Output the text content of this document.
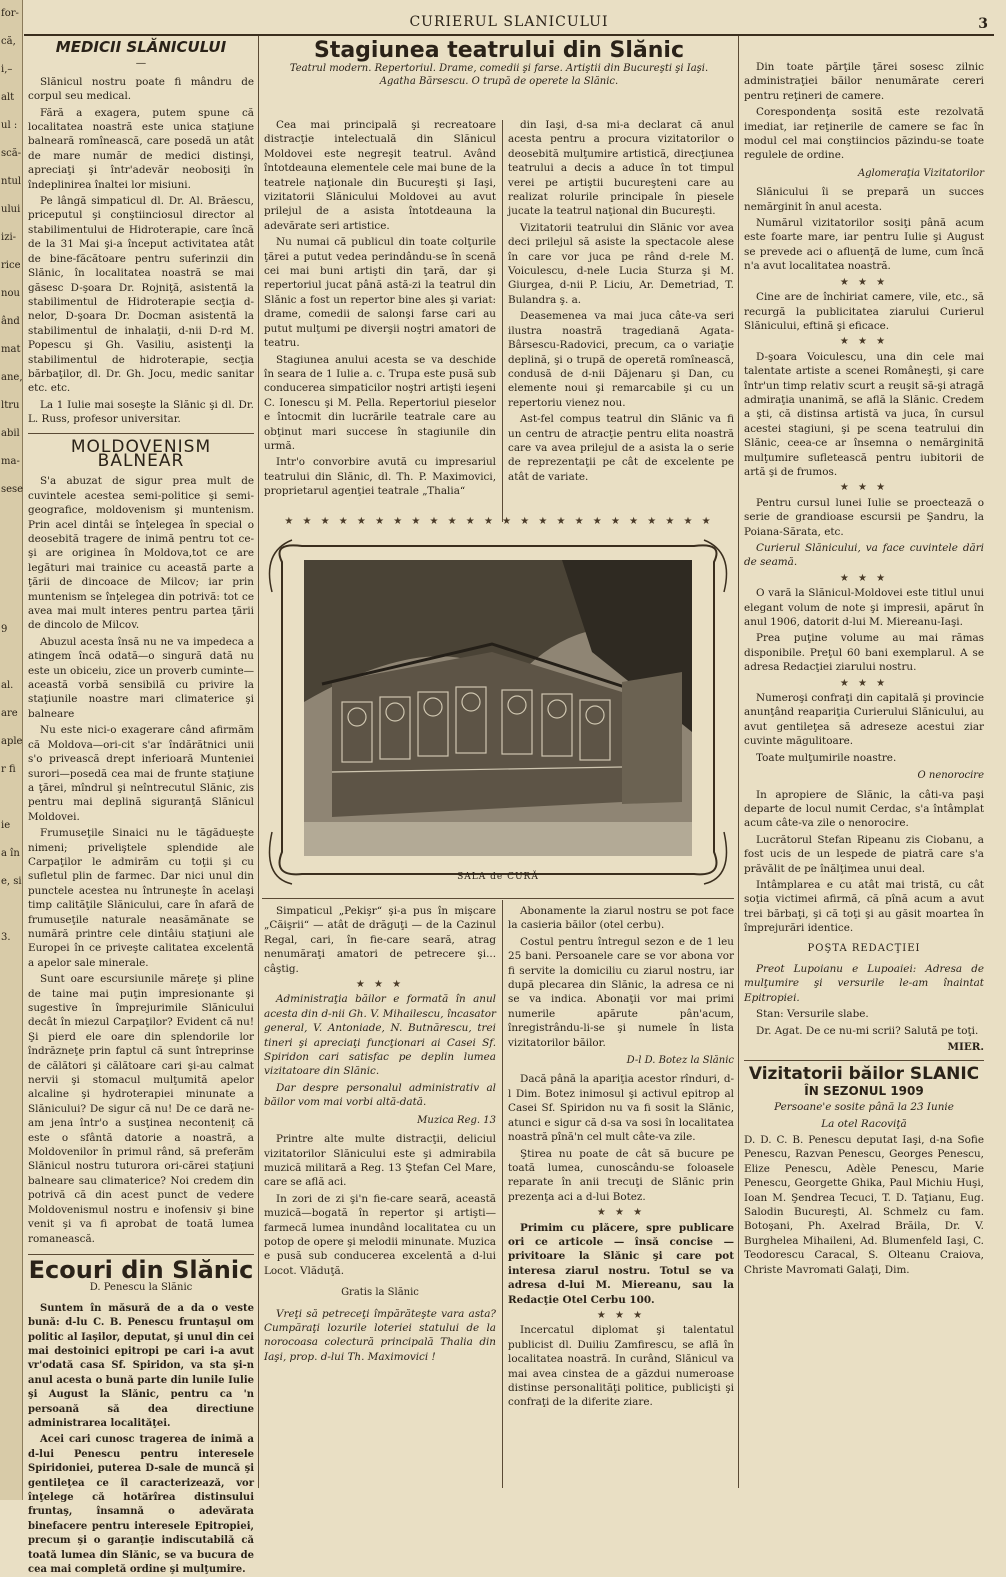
for-
că,
i,–
alt
ul :
scă-
ntul
ului
izi-
rice
nou
ând
mat
ane,
ltru
abil
ma-
sese
9
al.
are
aple
r fi
ie
a în
e, si
3.
CURIERUL SLANICULUI	3
MEDICII SLĂNICULUI
—

Slănicul nostru poate fi mândru de corpul seu medical.

Fără a exagera, putem spune că localitatea noastră este unica staţiune balneară romînească, care posedă un atât de mare număr de medici distinşi, apreciaţi şi într'adevăr neobosiţi în îndeplinirea înaltei lor misiuni.

Pe lângă simpaticul dl. Dr. Al. Brăescu, priceputul şi conştiinciosul director al stabilimentului de Hidroterapie, care încă de la 31 Mai şi-a început activitatea atât de bine-făcătoare pentru suferinzii din Slănic, în localitatea noastră se mai găsesc D-şoara Dr. Rojniţă, asistentă la stabilimentul de Hidroterapie secţia d-nelor, D-şoara Dr. Docman asistentă la stabilimentul de inhalaţii, d-nii D-rd M. Popescu şi Gh. Vasiliu, asistenţi la stabilimentul de hidroterapie, secţia bărbaţilor, dl. Dr. Gh. Jocu, medic sanitar etc. etc.

La 1 Iulie mai soseşte la Slănic şi dl. Dr. L. Russ, profesor universitar.

MOLDOVENISM BALNEAR

S'a abuzat de sigur prea mult de cuvintele acestea semi-politice şi semi-geografice, moldovenism şi muntenism. Prin acel dintâi se înţelegea în special o deosebită tragere de inimă pentru tot ce-şi are originea în Moldova,tot ce are legături mai trainice cu această parte a ţării de dincoace de Milcov; iar prin muntenism se înţelegea din potrivă: tot ce avea mai mult interes pentru partea ţării de dincolo de Milcov.

Abuzul acesta însă nu ne va impedeca a atingem încă odată—o singură dată nu este un obiceiu, zice un proverb cuminte—această vorbă sensibilă cu privire la staţiunile noastre mari climaterice şi balneare

Nu este nici-o exagerare când afirmăm că Moldova—ori-cit s'ar îndărătnici unii s'o privească drept inferioară Munteniei surori—posedă cea mai de frunte staţiune a ţărei, mîndrul şi neîntrecutul Slănic, zis pentru mai deplină siguranţă Slănicul Moldovei.

Frumuseţile Sinaici nu le tăgăduește nimeni; priveliştele splendide ale Carpaţilor le admirăm cu toţii şi cu sufletul plin de farmec. Dar nici unul din punctele acestea nu întruneşte în acelaşi timp calităţile Slănicului, care în afară de frumuseţile naturale neasămănate se numără printre cele dintâiu staţiuni ale Europei în ce priveşte calitatea excelentă a apelor sale minerale.

Sunt oare escursiunile măreţe şi pline de taine mai puţin impresionante şi sugestive în împrejurimile Slănicului decât în miezul Carpaţilor? Evident că nu! Şi pierd ele oare din splendorile lor îndrăzneţe prin faptul că sunt întreprinse de călători şi călătoare cari şi-au calmat nervii şi stomacul mulţumită apelor alcaline şi hydroterapiei minunate a Slănicului? De sigur că nu! De ce dară ne-am jena într'o a susţinea neconteniț că este o sfântă datorie a noastră, a Moldovenilor în primul rând, să preferăm Slănicul nostru tuturora ori-cărei staţiuni balneare sau climaterice? Noi credem din potrivă că din acest punct de vedere Moldovenismul nostru e inofensiv şi bine venit şi va fi aprobat de toată lumea romanească.

Ecouri din Slănic
D. Penescu la Slănic

Suntem în măsură de a da o veste bună: d-lu C. B. Penescu fruntaşul om politic al Iaşilor, deputat, şi unul din cei mai destoinici epitropi pe cari i-a avut vr'odată casa Sf. Spiridon, va sta şi-n anul acesta o bună parte din lunile Iulie şi August la Slănic, pentru ca 'n persoană să dea directiune administrarea localităţei.

Acei cari cunosc tragerea de inimă a d-lui Penescu pentru interesele Spiridoniei, puterea D-sale de muncă şi gentileţea ce îl caracterizează, vor înţelege că hotărîrea distinsului fruntaş, însamnă o adevărata binefacere pentru interesele Epitropiei, precum şi o garanţie indiscutabilă că toată lumea din Slănic, se va bucura de cea mai completă ordine şi mulţumire.

Stagiunea teatrului din Slănic
Teatrul modern. Repertoriul. Drame, comedii şi farse. Artiştii din Bucureşti şi Iaşi. Agatha Bărsescu. O trupă de operete la Slănic.

Cea mai principală şi recreatoare distracţie intelectuală din Slănicul Moldovei este negreşit teatrul. Având întotdeauna elementele cele mai bune de la teatrele naţionale din Bucureşti şi Iaşi, vizitatorii Slănicului Moldovei au avut prilejul de a asista întotdeauna la adevărate seri artistice.

Nu numai că publicul din toate colţurile ţărei a putut vedea perindându-se în scenă cei mai buni artişti din ţară, dar şi repertoriul jucat până astă-zi la teatrul din Slănic a fost un repertor bine ales şi variat: drame, comedii de salonşi farse cari au putut mulţumi pe diverşii noştri amatori de teatru.

Stagiunea anului acesta se va deschide în seara de 1 Iulie a. c. Trupa este pusă sub conducerea simpaticilor noştri artişti ieşeni C. Ionescu şi M. Pella. Repertoriul pieselor e întocmit din lucrările teatrale care au obţinut mari succese în stagiunile din urmă.

Intr'o convorbire avută cu impresariul teatrului din Slănic, dl. Th. P. Maximovici, proprietarul agenţiei teatrale „Thalia“

din Iaşi, d-sa mi-a declarat că anul acesta pentru a procura vizitatorilor o deosebită mulţumire artistică, direcţiunea teatrului a decis a aduce în tot timpul verei pe artiştii bucureşteni care au realizat rolurile principale în piesele jucate la teatrul naţional din Bucureşti.

Vizitatorii teatrului din Slănic vor avea deci prilejul să asiste la spectacole alese în care vor juca pe rând d-rele M. Voiculescu, d-nele Lucia Sturza şi M. Giurgea, d-nii P. Liciu, Ar. Demetriad, T. Bulandra ş. a.

Deasemenea va mai juca câte-va seri ilustra noastră tragediană Agata-Bârsescu-Radovici, precum, ca o variaţie deplină, şi o trupă de operetă romînească, condusă de d-nii Dăjenaru şi Dan, cu elemente noui şi remarcabile şi cu un repertoriu vienez nou.

Ast-fel compus teatrul din Slănic va fi un centru de atracţie pentru elita noastră care va avea prilejul de a asista la o serie de reprezentaţii pe cât de excelente pe atât de variate.

★ ★ ★ ★ ★ ★ ★ ★ ★ ★ ★ ★ ★ ★ ★ ★ ★ ★ ★ ★ ★ ★ ★ ★
SALA de CURĂ

Simpaticul „Pekişr“ şi-a pus în mişcare „Căişrii“ — atât de drăguţi — de la Cazinul Regal, cari, în fie-care seară, atrag nenumăraţi amatori de petrecere şi... câştig.

★ ★ ★

Administraţia băilor e formată în anul acesta din d-nii Gh. V. Mihailescu, încasator general, V. Antoniade, N. Butnărescu, trei tineri şi apreciaţi funcţionari ai Casei Sf. Spiridon cari satisfac pe deplin lumea vizitatoare din Slănic.

Dar despre personalul administrativ al băilor vom mai vorbi altă-dată.

Muzica Reg. 13

Printre alte multe distracţii, deliciul vizitatorilor Slănicului este şi admirabila muzică militară a Reg. 13 Ştefan Cel Mare, care se află aci.

In zori de zi şi'n fie-care seară, această muzică—bogată în repertor şi artişti—farmecă lumea inundând localitatea cu un potop de opere şi melodii minunate. Muzica e pusă sub conducerea excelentă a d-lui Locot. Vlăduţă.

Gratis la Slănic

Vreţi să petreceţi împărăteşte vara asta? Cumpăraţi lozurile loteriei statului de la norocoasa colectură principală Thalia din Iaşi, prop. d-lui Th. Maximovici !

Abonamente la ziarul nostru se pot face la casieria băilor (otel cerbu).

Costul pentru întregul sezon e de 1 leu 25 bani. Persoanele care se vor abona vor fi servite la domiciliu cu ziarul nostru, iar după plecarea din Slănic, la adresa ce ni se va indica. Abonaţii vor mai primi numerile apărute pân'acum, înregistrându-li-se şi numele în lista vizitatorilor băilor.

D-l D. Botez la Slănic

Dacă până la apariţia acestor rînduri, d-l Dim. Botez inimosul şi activul epitrop al Casei Sf. Spiridon nu va fi sosit la Slănic, atunci e sigur că d-sa va sosi în localitatea noastră pînă'n cel mult câte-va zile.

Ştirea nu poate de cât să bucure pe toată lumea, cunoscându-se foloasele reparate în anii trecuţi de Slănic prin prezenţa aci a d-lui Botez.

★ ★ ★

Primim cu plăcere, spre publicare ori ce articole — însă concise — privitoare la Slănic şi care pot interesa ziarul nostru. Totul se va adresa d-lui M. Miereanu, sau la Redacţie Otel Cerbu 100.

★ ★ ★

Incercatul diplomat şi talentatul publicist dl. Duiliu Zamfirescu, se află în localitatea noastră. In curând, Slănicul va mai avea cinstea de a găzdui numeroase distinse personalităţi politice, publicişti şi confraţi de la diferite ziare.

Din toate părţile ţărei sosesc zilnic administraţiei băilor nenumărate cereri pentru reţineri de camere.

Corespondenţa sosită este rezolvată imediat, iar reţinerile de camere se fac în modul cel mai conştiincios păzindu-se toate regulele de ordine.

Aglomeraţia Vizitatorilor

Slănicului îi se prepară un succes nemărginit în anul acesta.

Numărul vizitatorilor sosiţi până acum este foarte mare, iar pentru Iulie şi August se prevede aci o afluenţă de lume, cum încă n'a avut localitatea noastră.

★ ★ ★

Cine are de închiriat camere, vile, etc., să recurgă la publicitatea ziarului Curierul Slănicului, eftină şi eficace.

★ ★ ★

D-şoara Voiculescu, una din cele mai talentate artiste a scenei Româneşti, şi care într'un timp relativ scurt a reuşit să-şi atragă admiraţia unanimă, se află la Slănic. Credem a şti, că distinsa artistă va juca, în cursul acestei stagiuni, şi pe scena teatrului din Slănic, ceea-ce ar însemna o nemărginită mulţumire sufletească pentru iubitorii de artă şi de frumos.

★ ★ ★

Pentru cursul lunei Iulie se proectează o serie de grandioase escursii pe Şandru, la Poiana-Sărata, etc.

Curierul Slănicului, va face cuvintele dări de seamă.

★ ★ ★

O vară la Slănicul-Moldovei este titlul unui elegant volum de note şi impresii, apărut în anul 1906, datorit d-lui M. Miereanu-Iaşi.

Prea puţine volume au mai rămas disponibile. Preţul 60 bani exemplarul. A se adresa Redacţiei ziarului nostru.

★ ★ ★

Numeroşi confraţi din capitală şi provincie anunţând reapariţia Curierului Slănicului, au avut gentileţea să adreseze acestui ziar cuvinte măgulitoare.

Toate mulţumirile noastre.

O nenorocire

In apropiere de Slănic, la câti-va paşi departe de locul numit Cerdac, s'a întâmplat acum câte-va zile o nenorocire.

Lucrătorul Stefan Ripeanu zis Ciobanu, a fost ucis de un lespede de piatră care s'a prăvălit de pe înălţimea unui deal.

Intâmplarea e cu atât mai tristă, cu cât soţia victimei afirmă, că pînă acum a avut trei bărbaţi, şi că toţi şi au găsit moartea în împrejurări identice.

POŞTA REDACŢIEI

Preot Lupoianu e Lupoaiei: Adresa de mulţumire şi versurile le-am înaintat Epitropiei.

Stan: Versurile slabe.

Dr. Agat. De ce nu-mi scrii? Salută pe toţi.

MIER.
Vizitatorii băilor SLANIC
ÎN SEZONUL 1909
Persoane'e sosite până la 23 Iunie
La otel Racoviţă

D. D. C. B. Penescu deputat Iaşi, d-na Sofie Penescu, Razvan Penescu, Georges Penescu, Elize Penescu, Adèle Penescu, Marie Penescu, Georgette Ghika, Paul Michiu Huşi, Ioan M. Şendrea Tecuci, T. D. Taţianu, Eug. Salodin Bucureşti, Al. Schmelz cu fam. Botoşani, Ph. Axelrad Brăila, Dr. V. Burghelea Mihaileni, Ad. Blumenfeld Iaşi, C. Teodorescu Caracal, S. Olteanu Craiova, Christe Mavromati Galaţi, Dim.
